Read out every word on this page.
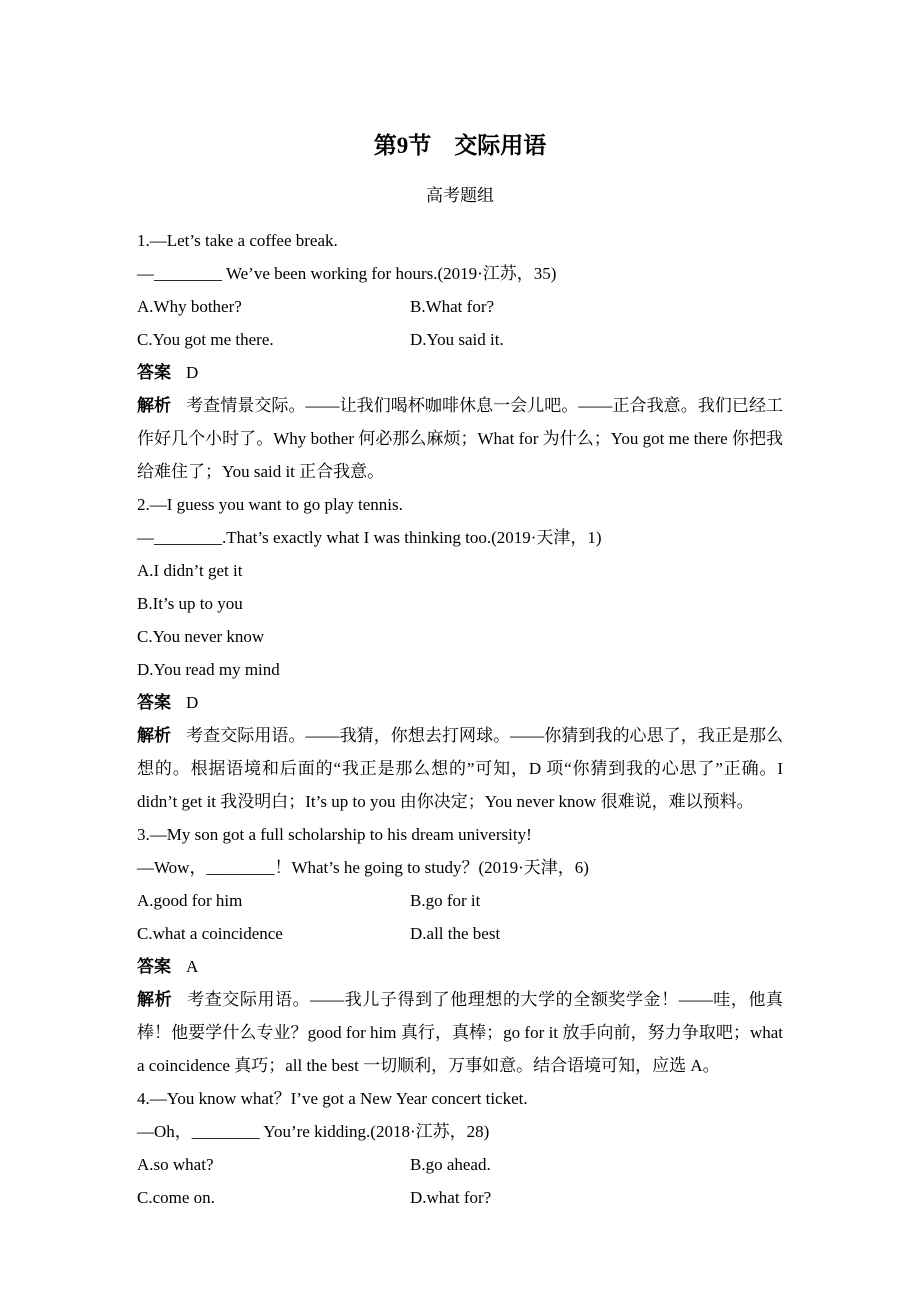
第9节　交际用语
高考题组

1.—Let’s take a coffee break.

—________ We’ve been working for hours.(2019·江苏，35)

A.Why bother?	B.What for?
C.You got me there.	D.You said it.

答案 D

解析 考查情景交际。——让我们喝杯咖啡休息一会儿吧。——正合我意。我们已经工作好几个小时了。Why bother 何必那么麻烦；What for 为什么；You got me there 你把我给难住了；You said it 正合我意。

2.—I guess you want to go play tennis.

—________.That’s exactly what I was thinking too.(2019·天津，1)

A.I didn’t get it

B.It’s up to you

C.You never know

D.You read my mind

答案 D

解析 考查交际用语。——我猜，你想去打网球。——你猜到我的心思了，我正是那么想的。根据语境和后面的“我正是那么想的”可知，D 项“你猜到我的心思了”正确。I didn’t get it 我没明白；It’s up to you 由你决定；You never know 很难说，难以预料。

3.—My son got a full scholarship to his dream university!

—Wow，________！What’s he going to study？(2019·天津，6)

A.good for him	B.go for it
C.what a coincidence	D.all the best

答案 A

解析 考查交际用语。——我儿子得到了他理想的大学的全额奖学金！——哇，他真棒！他要学什么专业？good for him 真行，真棒；go for it 放手向前，努力争取吧；what a coincidence 真巧；all the best 一切顺利，万事如意。结合语境可知，应选 A。

4.—You know what？I’ve got a New Year concert ticket.

—Oh，________ You’re kidding.(2018·江苏，28)

A.so what?	B.go ahead.
C.come on.	D.what for?
